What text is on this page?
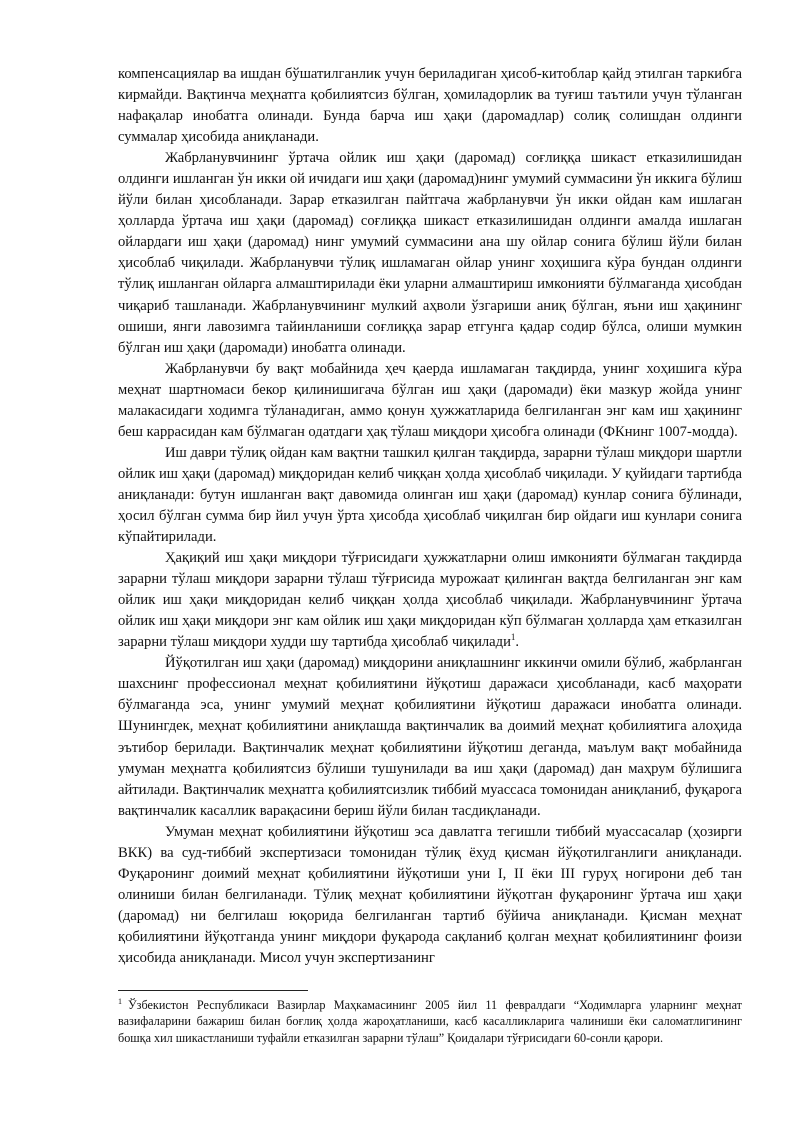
компенсациялар ва ишдан бўшатилганлик учун бериладиган ҳисоб-китоблар қайд этилган таркибга кирмайди. Вақтинча меҳнатга қобилиятсиз бўлган, ҳомиладорлик ва туғиш таътили учун тўланган нафақалар инобатга олинади. Бунда барча иш ҳақи (даромадлар) солиқ солишдан олдинги суммалар ҳисобида аниқланади.

Жабрланувчининг ўртача ойлик иш ҳақи (даромад) соғлиққа шикаст етказилишидан олдинги ишланган ўн икки ой ичидаги иш ҳақи (даромад)нинг умумий суммасини ўн иккига бўлиш йўли билан ҳисобланади. Зарар етказилган пайтгача жабрланувчи ўн икки ойдан кам ишлаган ҳолларда ўртача иш ҳақи (даромад) соғлиққа шикаст етказилишидан олдинги амалда ишлаган ойлардаги иш ҳақи (даромад) нинг умумий суммасини ана шу ойлар сонига бўлиш йўли билан ҳисоблаб чиқилади. Жабрланувчи тўлиқ ишламаган ойлар унинг хоҳишига кўра бундан олдинги тўлиқ ишланган ойларга алмаштирилади ёки уларни алмаштириш имконияти бўлмаганда ҳисобдан чиқариб ташланади. Жабрланувчининг мулкий аҳволи ўзгариши аниқ бўлган, яъни иш ҳақининг ошиши, янги лавозимга тайинланиши соғлиққа зарар етгунга қадар содир бўлса, олиши мумкин бўлган иш ҳақи (даромади) инобатга олинади.

Жабрланувчи бу вақт мобайнида ҳеч қаерда ишламаган тақдирда, унинг хоҳишига кўра меҳнат шартномаси бекор қилинишигача бўлган иш ҳақи (даромади) ёки мазкур жойда унинг малакасидаги ходимга тўланадиган, аммо қонун ҳужжатларида белгиланган энг кам иш ҳақининг беш каррасидан кам бўлмаган одатдаги ҳақ тўлаш миқдори ҳисобга олинади (ФКнинг 1007-модда).

Иш даври тўлиқ ойдан кам вақтни ташкил қилган тақдирда, зарарни тўлаш миқдори шартли ойлик иш ҳақи (даромад) миқдоридан келиб чиққан ҳолда ҳисоблаб чиқилади. У қуйидаги тартибда аниқланади: бутун ишланган вақт давомида олинган иш ҳақи (даромад) кунлар сонига бўлинади, ҳосил бўлган сумма бир йил учун ўрта ҳисобда ҳисоблаб чиқилган бир ойдаги иш кунлари сонига кўпайтирилади.

Ҳақиқий иш ҳақи миқдори тўғрисидаги ҳужжатларни олиш имконияти бўлмаган тақдирда зарарни тўлаш миқдори зарарни тўлаш тўғрисида мурожаат қилинган вақтда белгиланган энг кам ойлик иш ҳақи миқдоридан келиб чиққан ҳолда ҳисоблаб чиқилади. Жабрланувчининг ўртача ойлик иш ҳақи миқдори энг кам ойлик иш ҳақи миқдоридан кўп бўлмаган ҳолларда ҳам етказилган зарарни тўлаш миқдори худди шу тартибда ҳисоблаб чиқилади$^1$.

Йўқотилган иш ҳақи (даромад) миқдорини аниқлашнинг иккинчи омили бўлиб, жабрланган шахснинг профессионал меҳнат қобилиятини йўқотиш даражаси ҳисобланади, касб маҳорати бўлмаганда эса, унинг умумий меҳнат қобилиятини йўқотиш даражаси инобатга олинади. Шунингдек, меҳнат қобилиятини аниқлашда вақтинчалик ва доимий меҳнат қобилиятига алоҳида эътибор берилади. Вақтинчалик меҳнат қобилиятини йўқотиш деганда, маълум вақт мобайнида умуман меҳнатга қобилиятсиз бўлиши тушунилади ва иш ҳақи (даромад) дан маҳрум бўлишига айтилади. Вақтинчалик меҳнатга қобилиятсизлик тиббий муассаса томонидан аниқланиб, фуқарога вақтинчалик касаллик варақасини бериш йўли билан тасдиқланади.

Умуман меҳнат қобилиятини йўқотиш эса давлатга тегишли тиббий муассасалар (ҳозирги ВКК) ва суд-тиббий экспертизаси томонидан тўлиқ ёхуд қисман йўқотилганлиги аниқланади. Фуқаронинг доимий меҳнат қобилиятини йўқотиши уни I, II ёки III гуруҳ ногирони деб тан олиниши билан белгиланади. Тўлиқ меҳнат қобилиятини йўқотган фуқаронинг ўртача иш ҳақи (даромад) ни белгилаш юқорида белгиланган тартиб бўйича аниқланади. Қисман меҳнат қобилиятини йўқотганда унинг миқдори фуқарода сақланиб қолган меҳнат қобилиятининг фоизи ҳисобида аниқланади. Мисол учун экспертизанинг

$^1$ Ўзбекистон Республикаси Вазирлар Маҳкамасининг 2005 йил 11 февралдаги “Ходимларга уларнинг меҳнат вазифаларини бажариш билан боғлиқ ҳолда жароҳатланиши, касб касалликларига чалиниши ёки саломатлигининг бошқа хил шикастланиши туфайли етказилган зарарни тўлаш” Қоидалари тўғрисидаги 60-сонли қарори.
